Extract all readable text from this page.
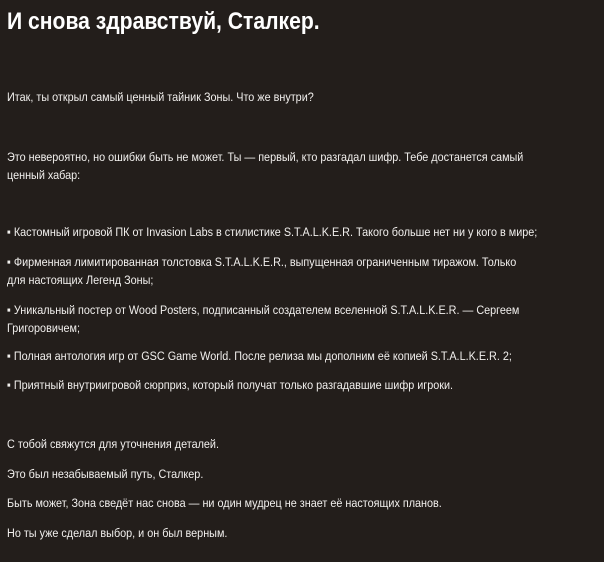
И снова здравствуй, Сталкер.

Итак, ты открыл самый ценный тайник Зоны. Что же внутри?

Это невероятно, но ошибки быть не может. Ты — первый, кто разгадал шифр. Тебе достанется самый
ценный хабар:

▪ Кастомный игровой ПК от Invasion Labs в стилистике S.T.A.L.K.E.R. Такого больше нет ни у кого в мире;

▪ Фирменная лимитированная толстовка S.T.A.L.K.E.R., выпущенная ограниченным тиражом. Только
для настоящих Легенд Зоны;

▪ Уникальный постер от Wood Posters, подписанный создателем вселенной S.T.A.L.K.E.R. — Сергеем
Григоровичем;

▪ Полная антология игр от GSC Game World. После релиза мы дополним её копией S.T.A.L.K.E.R. 2;

▪ Приятный внутриигровой сюрприз, который получат только разгадавшие шифр игроки.

С тобой свяжутся для уточнения деталей.

Это был незабываемый путь, Сталкер.

Быть может, Зона сведёт нас снова — ни один мудрец не знает её настоящих планов.

Но ты уже сделал выбор, и он был верным.
